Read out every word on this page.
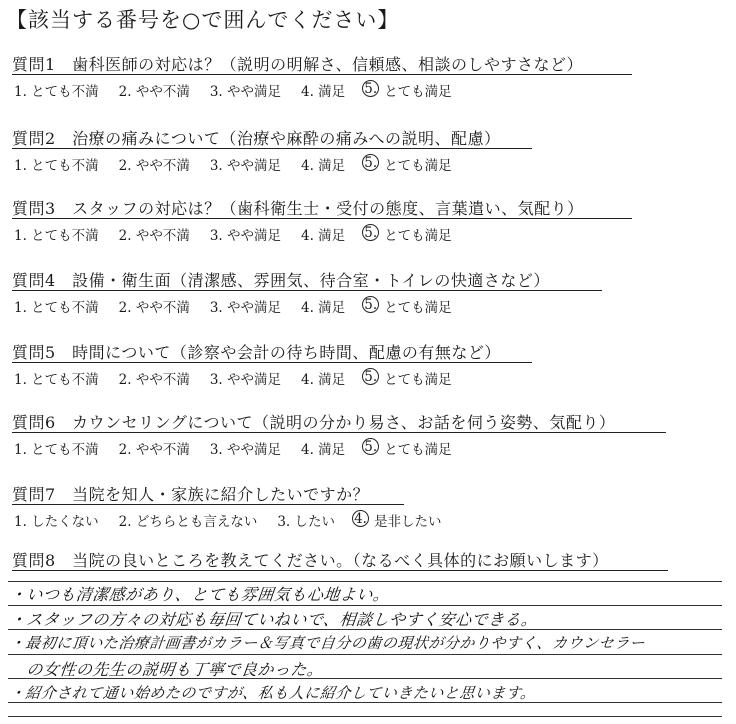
【該当する番号を○で囲んでください】
質問1　歯科医師の対応は？（説明の明解さ、信頼感、相談のしやすさなど）
1. とても不満 2. やや不満 3. やや満足 4. 満足 5. とても満足
質問2　治療の痛みについて（治療や麻酔の痛みへの説明、配慮）
1. とても不満 2. やや不満 3. やや満足 4. 満足 5. とても満足
質問3　スタッフの対応は？（歯科衛生士・受付の態度、言葉遣い、気配り）
1. とても不満 2. やや不満 3. やや満足 4. 満足 5. とても満足
質問4　設備・衛生面（清潔感、雰囲気、待合室・トイレの快適さなど）
1. とても不満 2. やや不満 3. やや満足 4. 満足 5. とても満足
質問5　時間について（診察や会計の待ち時間、配慮の有無など）
1. とても不満 2. やや不満 3. やや満足 4. 満足 5. とても満足
質問6　カウンセリングについて（説明の分かり易さ、お話を伺う姿勢、気配り）
1. とても不満 2. やや不満 3. やや満足 4. 満足 5. とても満足
質問7　当院を知人・家族に紹介したいですか？
1. したくない 2. どちらとも言えない 3. したい 4. 是非したい
質問8　当院の良いところを教えてください。（なるべく具体的にお願いします）
・いつも清潔感があり、とても雰囲気も心地よい。
・スタッフの方々の対応も毎回ていねいで、相談しやすく安心できる。
・最初に頂いた治療計画書がカラー＆写真で自分の歯の現状が分かりやすく、カウンセラー
　の女性の先生の説明も丁寧で良かった。
・紹介されて通い始めたのですが、私も人に紹介していきたいと思います。
